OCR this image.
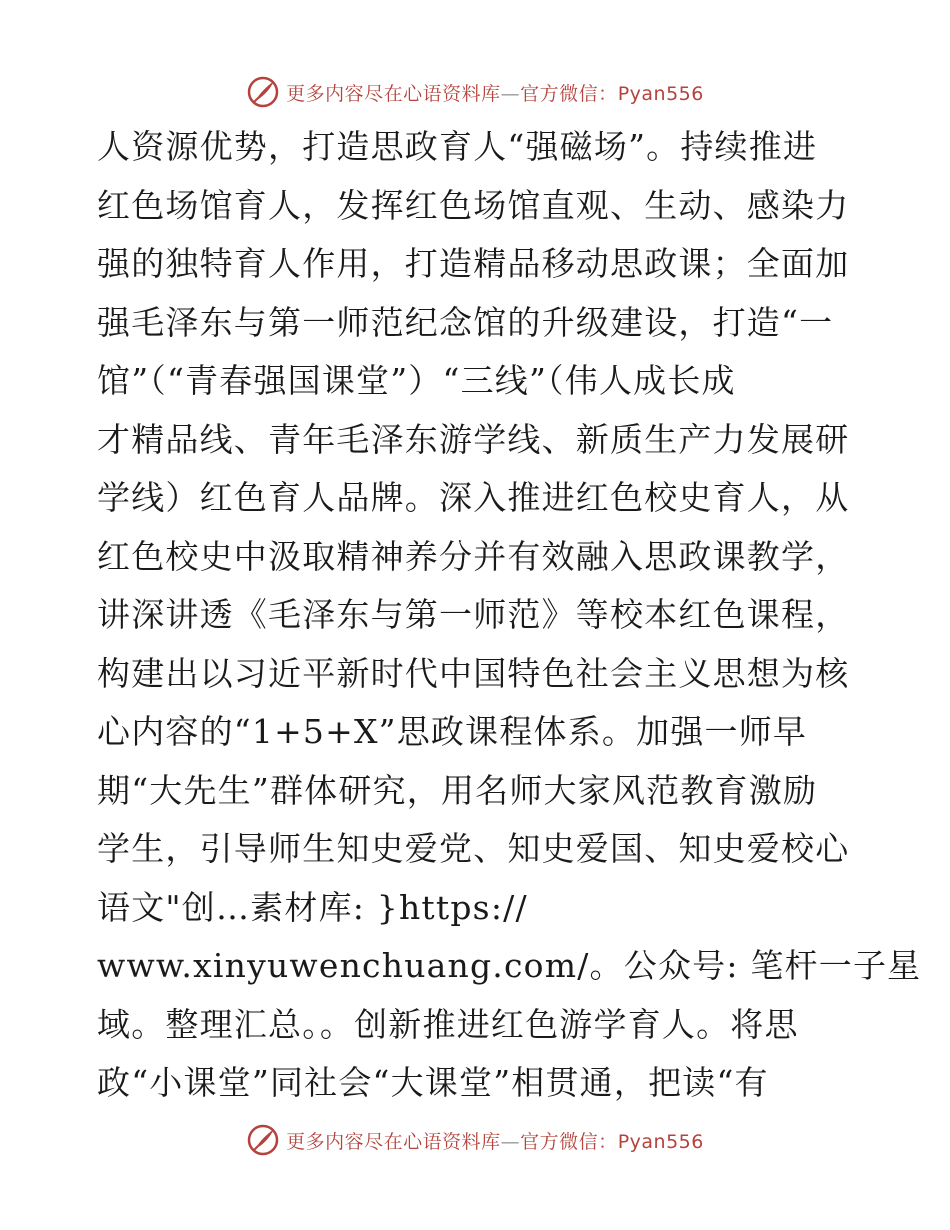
更多内容尽在心语资料库—官方微信：Pyan556
人资源优势，打造思政育人“强磁场”。持续推进
红色场馆育人，发挥红色场馆直观、生动、感染力
强的独特育人作用，打造精品移动思政课；全面加
强毛泽东与第一师范纪念馆的升级建设，打造“一
馆”（“青春强国课堂”）“三线”（伟人成长成
才精品线、青年毛泽东游学线、新质生产力发展研
学线）红色育人品牌。深入推进红色校史育人，从
红色校史中汲取精神养分并有效融入思政课教学，
讲深讲透《毛泽东与第一师范》等校本红色课程，
构建出以习近平新时代中国特色社会主义思想为核
心内容的“1+5+X”思政课程体系。加强一师早
期“大先生”群体研究，用名师大家风范教育激励
学生，引导师生知史爱党、知史爱国、知史爱校心
语文"创…素材库: }https://
www.xinyuwenchuang.com/。公众号: 笔杆一子星
域。整理汇总。。创新推进红色游学育人。将思
政“小课堂”同社会“大课堂”相贯通，把读“有
更多内容尽在心语资料库—官方微信：Pyan556
